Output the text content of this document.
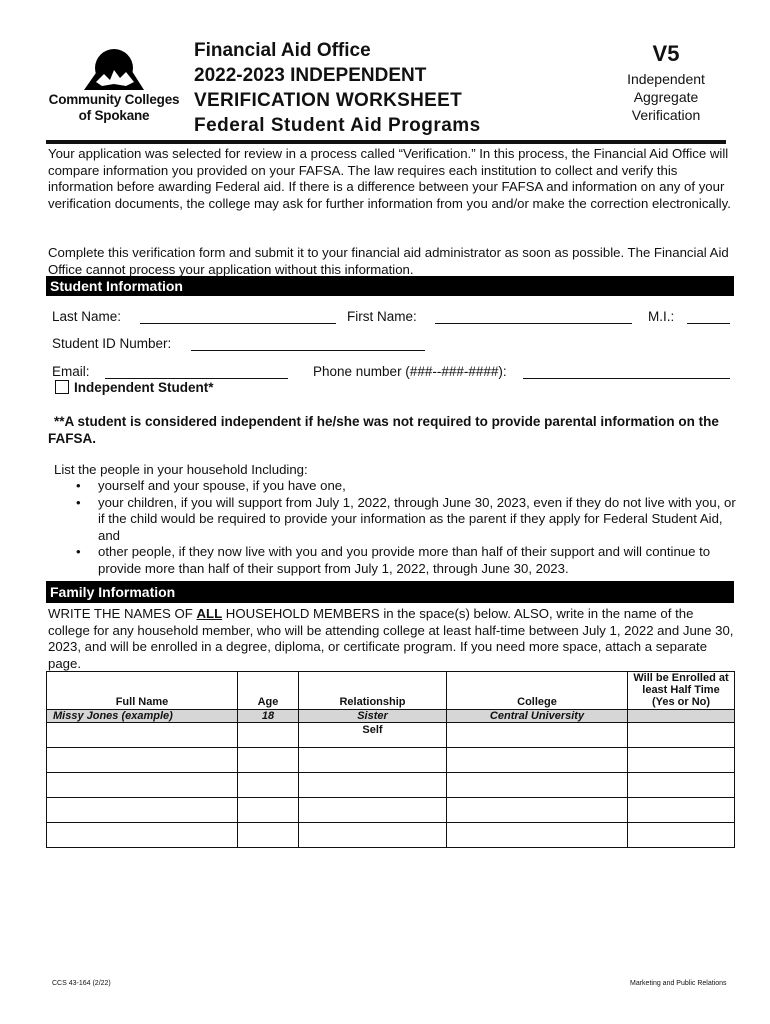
Community Colleges
of Spokane
Financial Aid Office
2022-2023 INDEPENDENT
VERIFICATION WORKSHEET
Federal Student Aid Programs
V5
Independent
Aggregate
Verification

Your application was selected for review in a process called “Verification.” In this process, the Financial Aid Office will compare information you provided on your FAFSA. The law requires each institution to collect and verify this information before awarding Federal aid. If there is a difference between your FAFSA and information on any of your verification documents, the college may ask for further information from you and/or make the correction electronically.

Complete this verification form and submit it to your financial aid administrator as soon as possible. The Financial Aid Office cannot process your application without this information.

Student Information
Last Name:	First Name:	M.I.:
Student ID Number:
Email:	Phone number (###--###-####):
Independent Student*

**A student is considered independent if he/she was not required to provide parental information on the FAFSA.

List the people in your household Including:

• yourself and your spouse, if you have one,
• your children, if you will support from July 1, 2022, through June 30, 2023, even if they do not live with you, or if the child would be required to provide your information as the parent if they apply for Federal Student Aid, and
• other people, if they now live with you and you provide more than half of their support and will continue to provide more than half of their support from July 1, 2022, through June 30, 2023.
Family Information

WRITE THE NAMES OF ALL HOUSEHOLD MEMBERS in the space(s) below. ALSO, write in the name of the college for any household member, who will be attending college at least half-time between July 1, 2022 and June 30, 2023, and will be enrolled in a degree, diploma, or certificate program. If you need more space, attach a separate page.

Full Name	Age	Relationship	College	Will be Enrolled at least Half Time (Yes or No)
Missy Jones (example)	18	Sister	Central University	
		Self		

CCS 43-164 (2/22)	Marketing and Public Relations
